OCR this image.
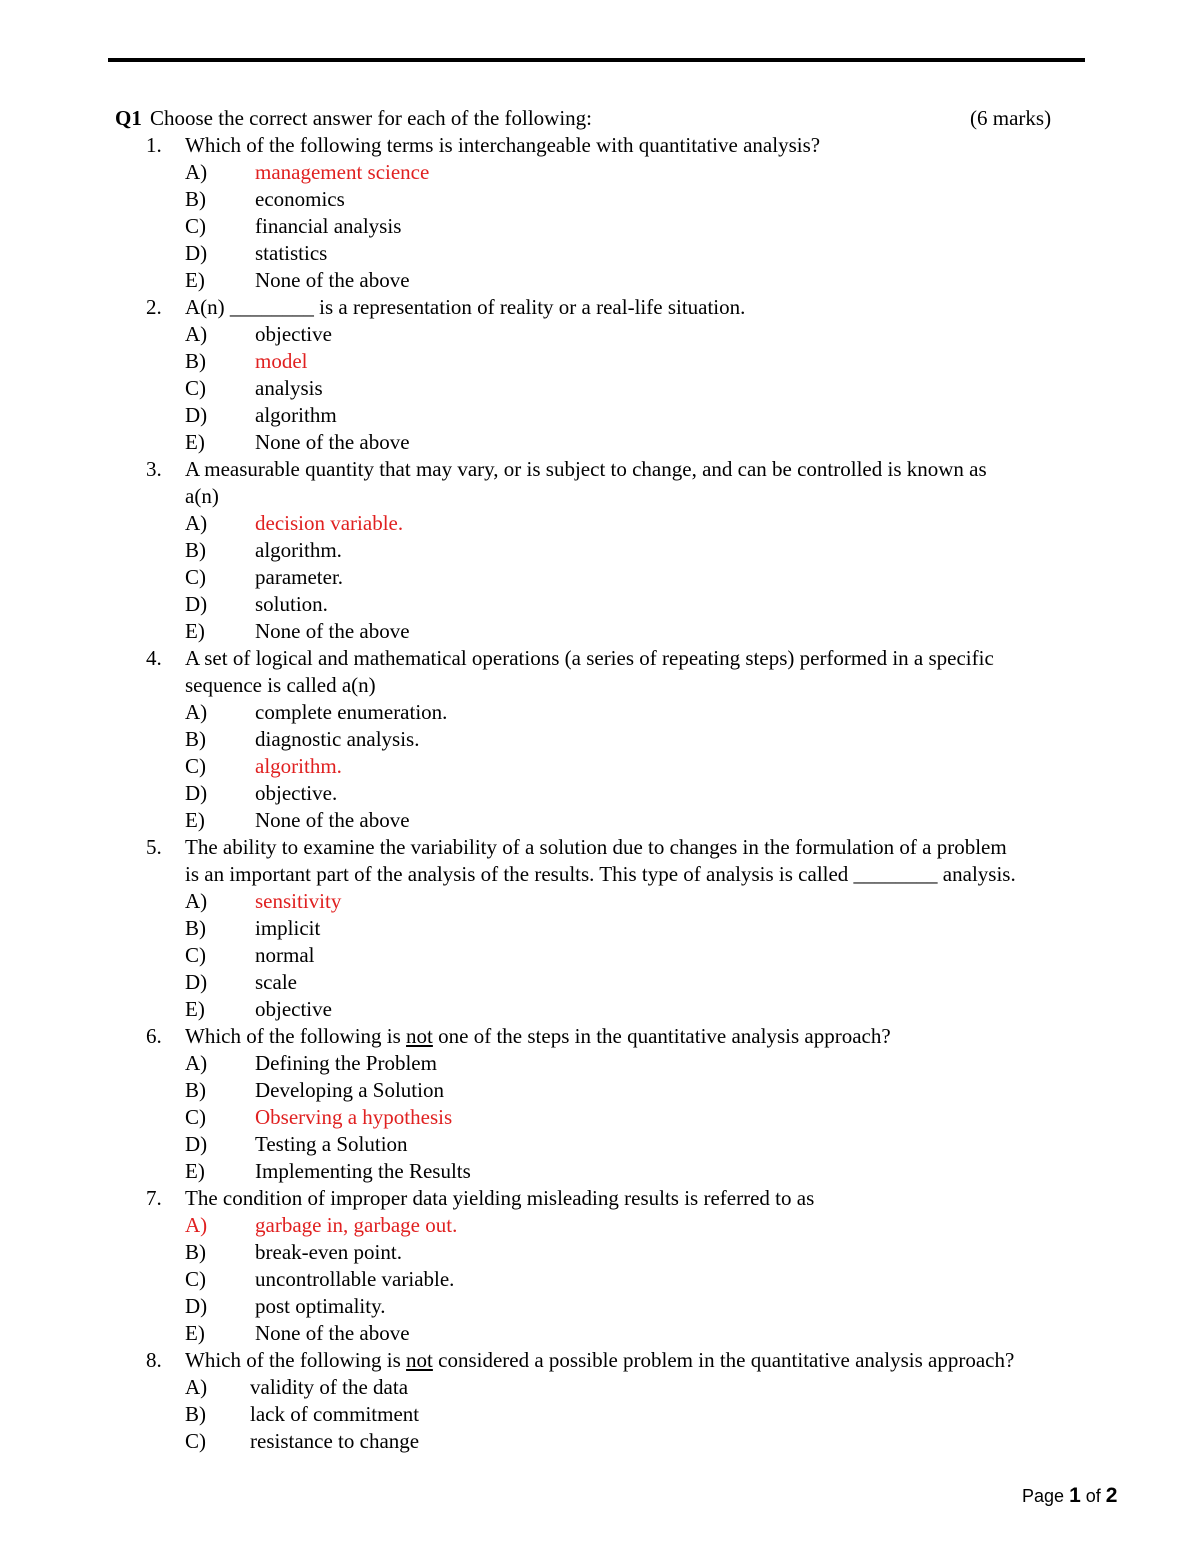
Q1 Choose the correct answer for each of the following:	(6 marks)
1. Which of the following terms is interchangeable with quantitative analysis?
A) management science
B) economics
C) financial analysis
D) statistics
E) None of the above
2. A(n) ________ is a representation of reality or a real-life situation.
A) objective
B) model
C) analysis
D) algorithm
E) None of the above
3. A measurable quantity that may vary, or is subject to change, and can be controlled is known as
a(n)
A) decision variable.
B) algorithm.
C) parameter.
D) solution.
E) None of the above
4. A set of logical and mathematical operations (a series of repeating steps) performed in a specific
sequence is called a(n)
A) complete enumeration.
B) diagnostic analysis.
C) algorithm.
D) objective.
E) None of the above
5. The ability to examine the variability of a solution due to changes in the formulation of a problem
is an important part of the analysis of the results. This type of analysis is called ________ analysis.
A) sensitivity
B) implicit
C) normal
D) scale
E) objective
6. Which of the following is not one of the steps in the quantitative analysis approach?
A) Defining the Problem
B) Developing a Solution
C) Observing a hypothesis
D) Testing a Solution
E) Implementing the Results
7. The condition of improper data yielding misleading results is referred to as
A) garbage in, garbage out.
B) break-even point.
C) uncontrollable variable.
D) post optimality.
E) None of the above
8. Which of the following is not considered a possible problem in the quantitative analysis approach?
A) validity of the data
B) lack of commitment
C) resistance to change
Page 1 of 2
